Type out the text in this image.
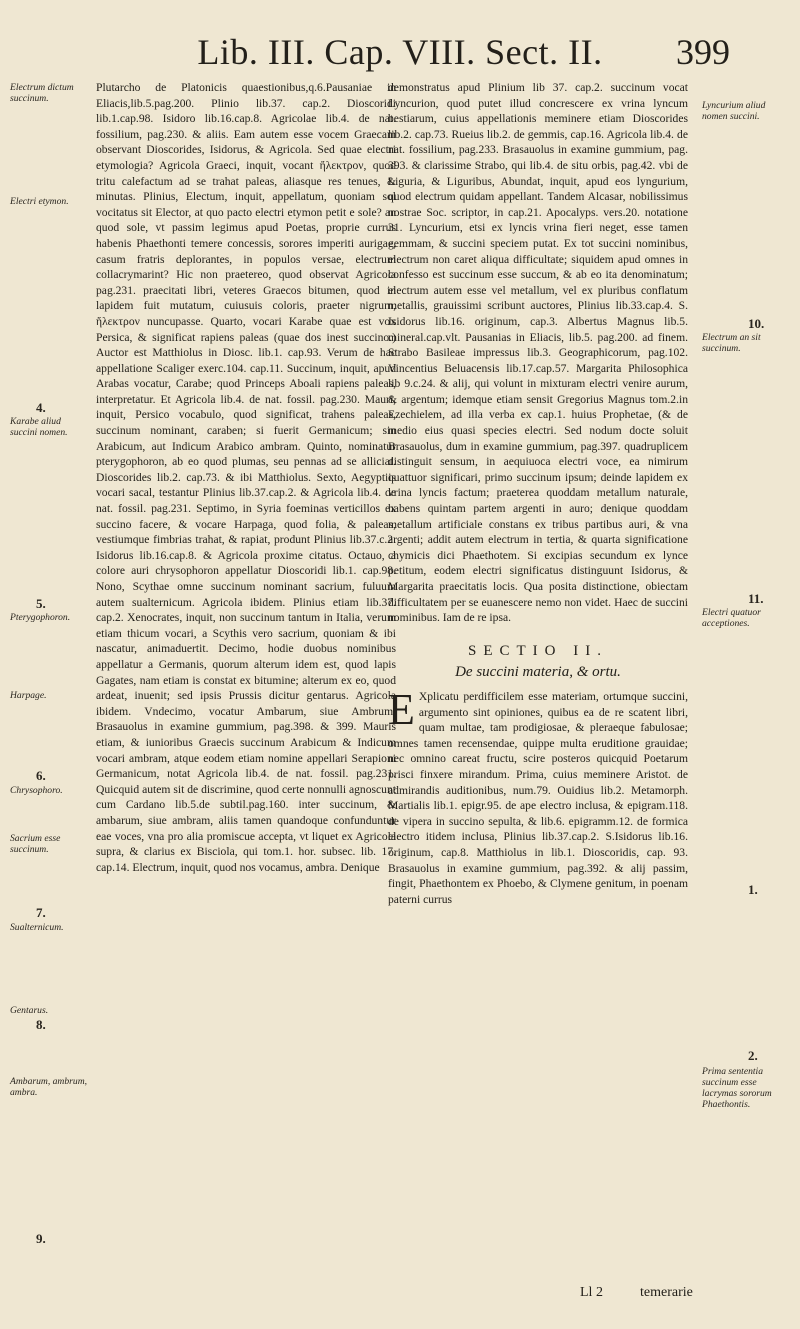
Lib. III. Cap. VIII. Sect. II.	399
Electrum dictum succinum.
Electri etymon.
4.
Karabe aliud succini nomen.
5.
Pterygophoron.
Harpage.
6.
Chrysophoro.
Sacrium esse succinum.
7.
Sualternicum.
Gentarus.
8.
Ambarum, ambrum, ambra.
9.
Lyncurium aliud nomen succini.
10.
Electrum an sit succinum.
11.
Electri quatuor acceptiones.
1.
2.
Prima sententia succinum esse lacrymas sororum Phaethontis.

Plutarcho de Platonicis quaestionibus,q.6.Pausaniae in Eliacis,lib.5.pag.200. Plinio lib.37. cap.2. Dioscoridi lib.1.cap.98. Isidoro lib.16.cap.8. Agricolae lib.4. de nat. fossilium, pag.230. & aliis. Eam autem esse vocem Graecam observant Dioscorides, Isidorus, & Agricola. Sed quae electri etymologia? Agricola Graeci, inquit, vocant ἤλεκτρον, quod tritu calefactum ad se trahat paleas, aliasque res tenues, & minutas. Plinius, Electum, inquit, appellatum, quoniam sol vocitatus sit Elector, at quo pacto electri etymon petit e sole? an quod sole, vt passim legimus apud Poetas, proprie currus habenis Phaethonti temere concessis, sorores imperiti aurigae, casum fratris deplorantes, in populos versae, electrum collacrymarint? Hic non praetereo, quod observat Agricola pag.231. praecitati libri, veteres Graecos bitumen, quod in lapidem fuit mutatum, cuiusuis coloris, praeter nigrum, ἤλεκτρον nuncupasse. Quarto, vocari Karabe quae est vox Persica, & significat rapiens paleas (quae dos inest succino.) Auctor est Matthiolus in Diosc. lib.1. cap.93. Verum de hac appellatione Scaliger exerc.104. cap.11. Succinum, inquit, apud Arabas vocatur, Carabe; quod Princeps Aboali rapiens paleas, interpretatur. Et Agricola lib.4. de nat. fossil. pag.230. Mauri, inquit, Persico vocabulo, quod significat, trahens paleas, succinum nominant, caraben; si fuerit Germanicum; sin Arabicum, aut Indicum Arabico ambram. Quinto, nominatur pterygophoron, ab eo quod plumas, seu pennas ad se alliciat. Dioscorides lib.2. cap.73. & ibi Matthiolus. Sexto, Aegyptiis vocari sacal, testantur Plinius lib.37.cap.2. & Agricola lib.4. de nat. fossil. pag.231. Septimo, in Syria foeminas verticillos ex succino facere, & vocare Harpaga, quod folia, & paleas, vestiumque fimbrias trahat, & rapiat, produnt Plinius lib.37.c.2. Isidorus lib.16.cap.8. & Agricola proxime citatus. Octauo, a colore auri chrysophoron appellatur Dioscoridi lib.1. cap.98. Nono, Scythae omne succinum nominant sacrium, fuluum autem sualternicum. Agricola ibidem. Plinius etiam lib.37. cap.2. Xenocrates, inquit, non succinum tantum in Italia, verum etiam thicum vocari, a Scythis vero sacrium, quoniam & ibi nascatur, animaduertit. Decimo, hodie duobus nominibus appellatur a Germanis, quorum alterum idem est, quod lapis Gagates, nam etiam is constat ex bitumine; alterum ex eo, quod ardeat, inuenit; sed ipsis Prussis dicitur gentarus. Agricola ibidem. Vndecimo, vocatur Ambarum, siue Ambrum, Brasauolus in examine gummium, pag.398. & 399. Mauris etiam, & iunioribus Graecis succinum Arabicum & Indicum vocari ambram, atque eodem etiam nomine appellari Serapioni Germanicum, notat Agricola lib.4. de nat. fossil. pag.231. Quicquid autem sit de discrimine, quod certe nonnulli agnoscunt cum Cardano lib.5.de subtil.pag.160. inter succinum, & ambarum, siue ambram, aliis tamen quandoque confunduntur eae voces, vna pro alia promiscue accepta, vt liquet ex Agricola supra, & clarius ex Bisciola, qui tom.1. hor. subsec. lib. 17. cap.14. Electrum, inquit, quod nos vocamus, ambra. Denique

demonstratus apud Plinium lib 37. cap.2. succinum vocat Lyncurion, quod putet illud concrescere ex vrina lyncum bestiarum, cuius appellationis meminere etiam Dioscorides lib.2. cap.73. Rueius lib.2. de gemmis, cap.16. Agricola lib.4. de nat. fossilium, pag.233. Brasauolus in examine gummium, pag. 393. & clarissime Strabo, qui lib.4. de situ orbis, pag.42. vbi de Liguria, & Liguribus, Abundat, inquit, apud eos lyngurium, quod electrum quidam appellant. Tandem Alcasar, nobilissimus nostrae Soc. scriptor, in cap.21. Apocalyps. vers.20. notatione 31. Lyncurium, etsi ex lyncis vrina fieri neget, esse tamen gemmam, & succini speciem putat. Ex tot succini nominibus, electrum non caret aliqua difficultate; siquidem apud omnes in confesso est succinum esse succum, & ab eo ita denominatum; electrum autem esse vel metallum, vel ex pluribus conflatum metallis, grauissimi scribunt auctores, Plinius lib.33.cap.4. S. Isidorus lib.16. originum, cap.3. Albertus Magnus lib.5. mineral.cap.vlt. Pausanias in Eliacis, lib.5. pag.200. ad finem. Strabo Basileae impressus lib.3. Geographicorum, pag.102. Vincentius Beluacensis lib.17.cap.57. Margarita Philosophica lib 9.c.24. & alij, qui volunt in mixturam electri venire aurum, & argentum; idemque etiam sensit Gregorius Magnus tom.2.in Ezechielem, ad illa verba ex cap.1. huius Prophetae, (& de medio eius quasi species electri. Sed nodum docte soluit Brasauolus, dum in examine gummium, pag.397. quadruplicem distinguit sensum, in aequiuoca electri voce, ea nimirum quattuor significari, primo succinum ipsum; deinde lapidem ex vrina lyncis factum; praeterea quoddam metallum naturale, habens quintam partem argenti in auro; denique quoddam metallum artificiale constans ex tribus partibus auri, & vna argenti; addit autem electrum in tertia, & quarta significatione chymicis dici Phaethotem. Si excipias secundum ex lynce petitum, eodem electri significatus distinguunt Isidorus, & Margarita praecitatis locis. Qua posita distinctione, obiectam difficultatem per se euanescere nemo non videt. Haec de succini nominibus. Iam de re ipsa.

SECTIO II.
De succini materia, & ortu.

E Xplicatu perdifficilem esse materiam, ortumque succini, argumento sint opiniones, quibus ea de re scatent libri, quam multae, tam prodigiosae, & pleraeque fabulosae; omnes tamen recensendae, quippe multa eruditione grauidae; nec omnino careat fructu, scire posteros quicquid Poetarum prisci finxere mirandum. Prima, cuius meminere Aristot. de admirandis auditionibus, num.79. Ouidius lib.2. Metamorph. Martialis lib.1. epigr.95. de ape electro inclusa, & epigram.118. de vipera in succino sepulta, & lib.6. epigramm.12. de formica electro itidem inclusa, Plinius lib.37.cap.2. S.Isidorus lib.16. originum, cap.8. Matthiolus in lib.1. Dioscoridis, cap. 93. Brasauolus in examine gummium, pag.392. & alij passim, fingit, Phaethontem ex Phoebo, & Clymene genitum, in poenam paterni currus

Ll 2	temerarie
